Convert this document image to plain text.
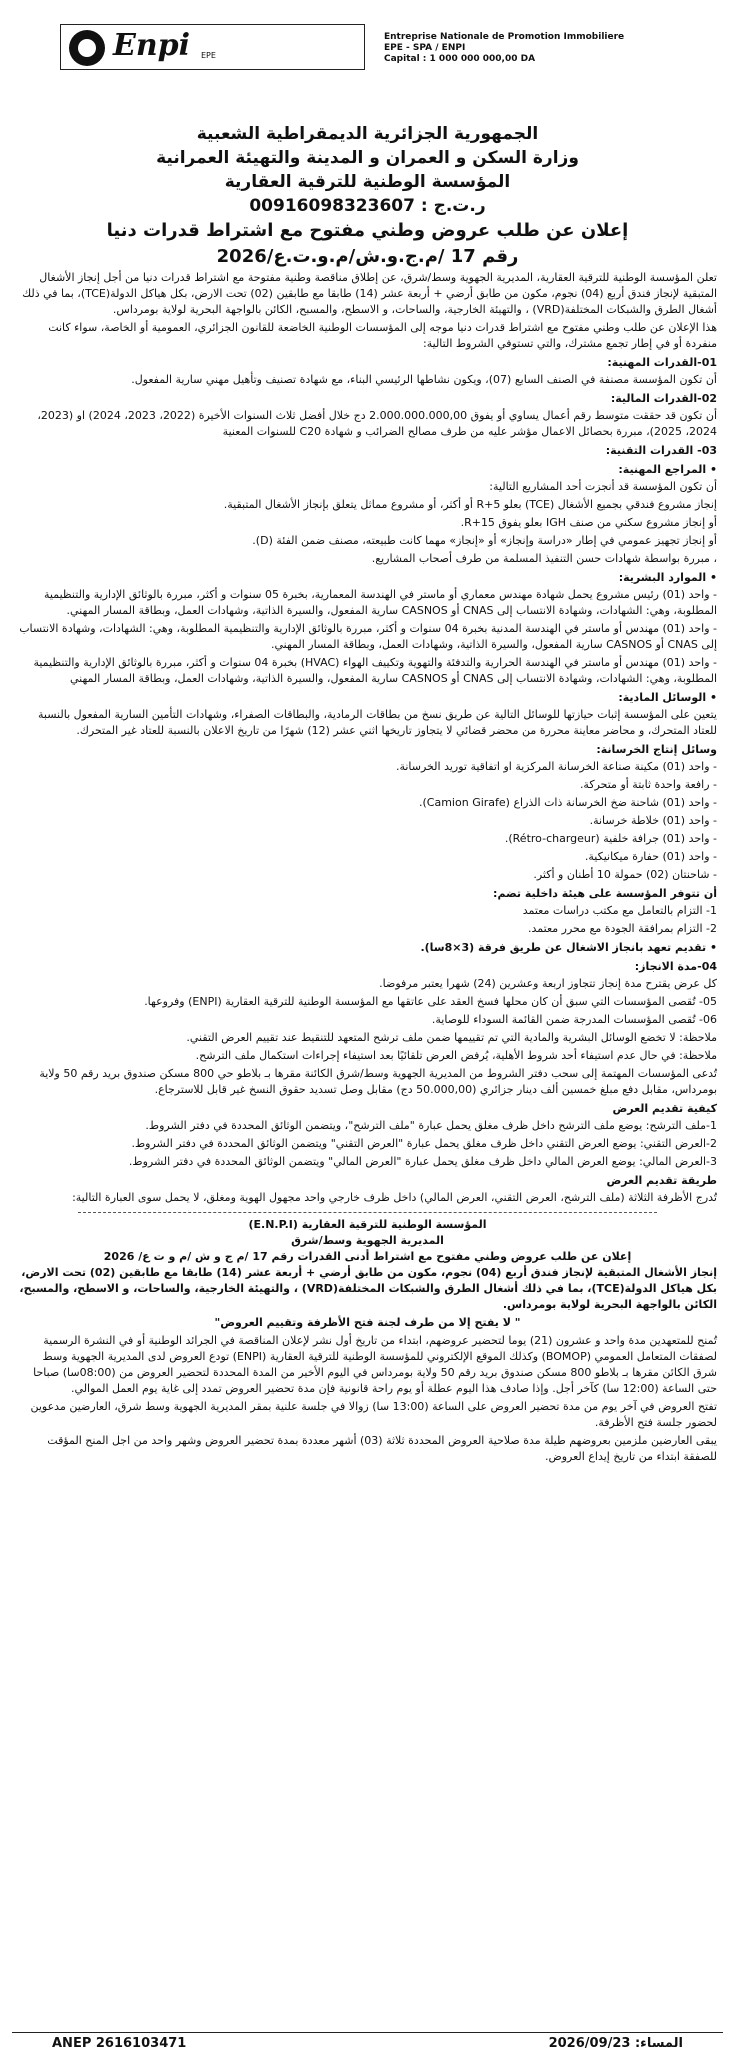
Enpi EPE
Entreprise Nationale de Promotion Immobiliere
EPE - SPA / ENPI
Capital : 1 000 000 000,00 DA
الجمهورية الجزائرية الديمقراطية الشعبية
وزارة السكن و العمران و المدينة والتهيئة العمرانية
المؤسسة الوطنية للترقية العقارية
ر.ت.ج : 00916098323607
إعلان عن طلب عروض وطني مفتوح مع اشتراط قدرات دنيا
رقم 17 /م.ج.و.ش/م.و.ت.ع/2026

تعلن المؤسسة الوطنية للترقية العقارية، المديرية الجهوية وسط/شرق، عن إطلاق مناقصة وطنية مفتوحة مع اشتراط قدرات دنيا من أجل إنجاز الأشغال المتبقية لإنجاز فندق أربع (04) نجوم، مكون من طابق أرضي + أربعة عشر (14) طابقا مع طابقين (02) تحت الارض، بكل هياكل الدولة(TCE)، بما في ذلك أشغال الطرق والشبكات المختلفة(VRD) ، والتهيئة الخارجية، والساحات، و الاسطح، والمسبح، الكائن بالواجهة البحرية لولاية بومرداس.

هذا الإعلان عن طلب وطني مفتوح مع اشتراط قدرات دنيا موجه إلى المؤسسات الوطنية الخاضعة للقانون الجزائري، العمومية أو الخاصة، سواء كانت منفردة أو في إطار تجمع مشترك، والتي تستوفي الشروط التالية:

01-القدرات المهنية:

أن تكون المؤسسة مصنفة في الصنف السابع (07)، ويكون نشاطها الرئيسي البناء، مع شهادة تصنيف وتأهيل مهني سارية المفعول.

02-القدرات المالية:

أن تكون قد حققت متوسط رقم أعمال يساوي أو يفوق 2.000.000.000,00 دج خلال أفضل ثلاث السنوات الأخيرة (2022، 2023، 2024) او (2023، 2024، 2025)، مبررة بحصائل الاعمال مؤشر عليه من طرف مصالح الضرائب و شهادة C20 للسنوات المعنية

03- القدرات التقنية:
• المراجع المهنية:

أن تكون المؤسسة قد أنجزت أحد المشاريع التالية:

إنجاز مشروع فندقي بجميع الأشغال (TCE) بعلو R+5 أو أكثر، أو مشروع مماثل يتعلق بإنجاز الأشغال المتبقية.

أو إنجاز مشروع سكني من صنف IGH بعلو يفوق R+15.

أو إنجاز تجهيز عمومي في إطار «دراسة وإنجاز» أو «إنجاز» مهما كانت طبيعته، مصنف ضمن الفئة (D).

، مبررة بواسطة شهادات حسن التنفيذ المسلمة من طرف أصحاب المشاريع.

• الموارد البشرية:

- واحد (01) رئيس مشروع يحمل شهادة مهندس معماري أو ماستر في الهندسة المعمارية، بخبرة 05 سنوات و أكثر، مبررة بالوثائق الإدارية والتنظيمية المطلوبة، وهي: الشهادات، وشهادة الانتساب إلى CNAS أو CASNOS سارية المفعول، والسيرة الذاتية، وشهادات العمل، وبطاقة المسار المهني.

- واحد (01) مهندس أو ماستر في الهندسة المدنية بخبرة 04 سنوات و أكثر، مبررة بالوثائق الإدارية والتنظيمية المطلوبة، وهي: الشهادات، وشهادة الانتساب إلى CNAS أو CASNOS سارية المفعول، والسيرة الذاتية، وشهادات العمل، وبطاقة المسار المهني.

- واحد (01) مهندس أو ماستر في الهندسة الحرارية والتدفئة والتهوية وتكييف الهواء (HVAC) بخبرة 04 سنوات و أكثر، مبررة بالوثائق الإدارية والتنظيمية المطلوبة، وهي: الشهادات، وشهادة الانتساب إلى CNAS أو CASNOS سارية المفعول، والسيرة الذاتية، وشهادات العمل، وبطاقة المسار المهني

• الوسائل المادية:

يتعين على المؤسسة إثبات حيازتها للوسائل التالية عن طريق نسخ من بطاقات الرمادية، والبطاقات الصفراء، وشهادات التأمين السارية المفعول بالنسبة للعتاد المتحرك، و محاضر معاينة محررة من محضر قضائي لا يتجاوز تاريخها اثني عشر (12) شهرًا من تاريخ الاعلان بالنسبة للعتاد غير المتحرك.

وسائل إنتاج الخرسانة:

- واحد (01) مكينة صناعة الخرسانة المركزية او اتفاقية توريد الخرسانة.

- رافعة واحدة ثابتة أو متحركة.

- واحد (01) شاحنة ضخ الخرسانة ذات الذراع (Camion Girafe).

- واحد (01) خلاطة خرسانة.

- واحد (01) جرافة خلفية (Rétro-chargeur).

- واحد (01) حفارة ميكانيكية.

- شاحنتان (02) حمولة 10 أطنان و أكثر.

أن تتوفر المؤسسة على هيئة داخلية تضم:

1- التزام بالتعامل مع مكتب دراسات معتمد

2- التزام بمرافقة الجودة مع محرر معتمد.

• تقديم تعهد بانجاز الاشغال عن طريق فرقة (3×8سا).
04-مدة الانجاز:

كل عرض يقترح مدة إنجاز تتجاوز اربعة وعشرين (24) شهرا يعتبر مرفوضا.

05- تُقصى المؤسسات التي سبق أن كان محلها فسخ العقد على عاتقها مع المؤسسة الوطنية للترقية العقارية (ENPI) وفروعها.

06- تُقصى المؤسسات المدرجة ضمن القائمة السوداء للوصاية.

ملاحظة: لا تخضع الوسائل البشرية والمادية التي تم تقييمها ضمن ملف ترشح المتعهد للتنقيط عند تقييم العرض التقني.

ملاحظة: في حال عدم استيفاء أحد شروط الأهلية، يُرفض العرض تلقائيًا بعد استيفاء إجراءات استكمال ملف الترشح.

تُدعى المؤسسات المهتمة إلى سحب دفتر الشروط من المديرية الجهوية وسط/شرق الكائنة مقرها بـ بلاطو حي 800 مسكن صندوق بريد رقم 50 ولاية بومرداس، مقابل دفع مبلغ خمسين ألف دينار جزائري (50.000,00 دج) مقابل وصل تسديد حقوق النسخ غير قابل للاسترجاع.

كيفية تقديم العرض

1-ملف الترشح: يوضع ملف الترشح داخل ظرف مغلق يحمل عبارة "ملف الترشح"، ويتضمن الوثائق المحددة في دفتر الشروط.

2-العرض التقني: يوضع العرض التقني داخل ظرف مغلق يحمل عبارة "العرض التقني" ويتضمن الوثائق المحددة في دفتر الشروط.

3-العرض المالي: يوضع العرض المالي داخل ظرف مغلق يحمل عبارة "العرض المالي" ويتضمن الوثائق المحددة في دفتر الشروط.

طريقة تقديم العرض

تُدرج الأظرفة الثلاثة (ملف الترشح، العرض التقني، العرض المالي) داخل ظرف خارجي واحد مجهول الهوية ومغلق، لا يحمل سوى العبارة التالية:

المؤسسة الوطنية للترقية العقارية (E.N.P.I)
المديرية الجهوية وسط/شرق
إعلان عن طلب عروض وطني مفتوح مع اشتراط أدنى القدرات رقم 17 /م ج و ش /م و ت ع/ 2026

إنجاز الأشغال المتبقية لإنجاز فندق أربع (04) نجوم، مكون من طابق أرضي + أربعة عشر (14) طابقا مع طابقين (02) تحت الارض، بكل هياكل الدولة(TCE)، بما في ذلك أشغال الطرق والشبكات المختلفة(VRD) ، والتهيئة الخارجية، والساحات، و الاسطح، والمسبح، الكائن بالواجهة البحرية لولاية بومرداس.

" لا يفتح إلا من طرف لجنة فتح الأظرفة وتقييم العروض"

تُمنح للمتعهدين مدة واحد و عشرون (21) يوما لتحضير عروضهم، ابتداء من تاريخ أول نشر لإعلان المناقصة في الجرائد الوطنية أو في النشرة الرسمية لصفقات المتعامل العمومي (BOMOP) وكذلك الموقع الإلكتروني للمؤسسة الوطنية للترقية العقارية (ENPI) تودع العروض لدى المديرية الجهوية وسط شرق الكائن مقرها بـ بلاطو 800 مسكن صندوق بريد رقم 50 ولاية بومرداس في اليوم الأخير من المدة المحددة لتحضير العروض من (08:00سا) صباحا حتى الساعة (12:00 سا) كآخر أجل. وإذا صادف هذا اليوم عطلة أو يوم راحة قانونية فإن مدة تحضير العروض تمدد إلى غاية يوم العمل الموالي.

تفتح العروض في آخر يوم من مدة تحضير العروض على الساعة (13:00 سا) زوالا في جلسة علنية بمقر المديرية الجهوية وسط شرق، العارضين مدعوين لحضور جلسة فتح الأظرفة.

يبقى العارضين ملزمين بعروضهم طيلة مدة صلاحية العروض المحددة ثلاثة (03) أشهر معددة بمدة تحضير العروض وشهر واحد من اجل المنح المؤقت للصفقة ابتداء من تاريخ إيداع العروض.

ANEP 2616103471	المساء: 2026/09/23
